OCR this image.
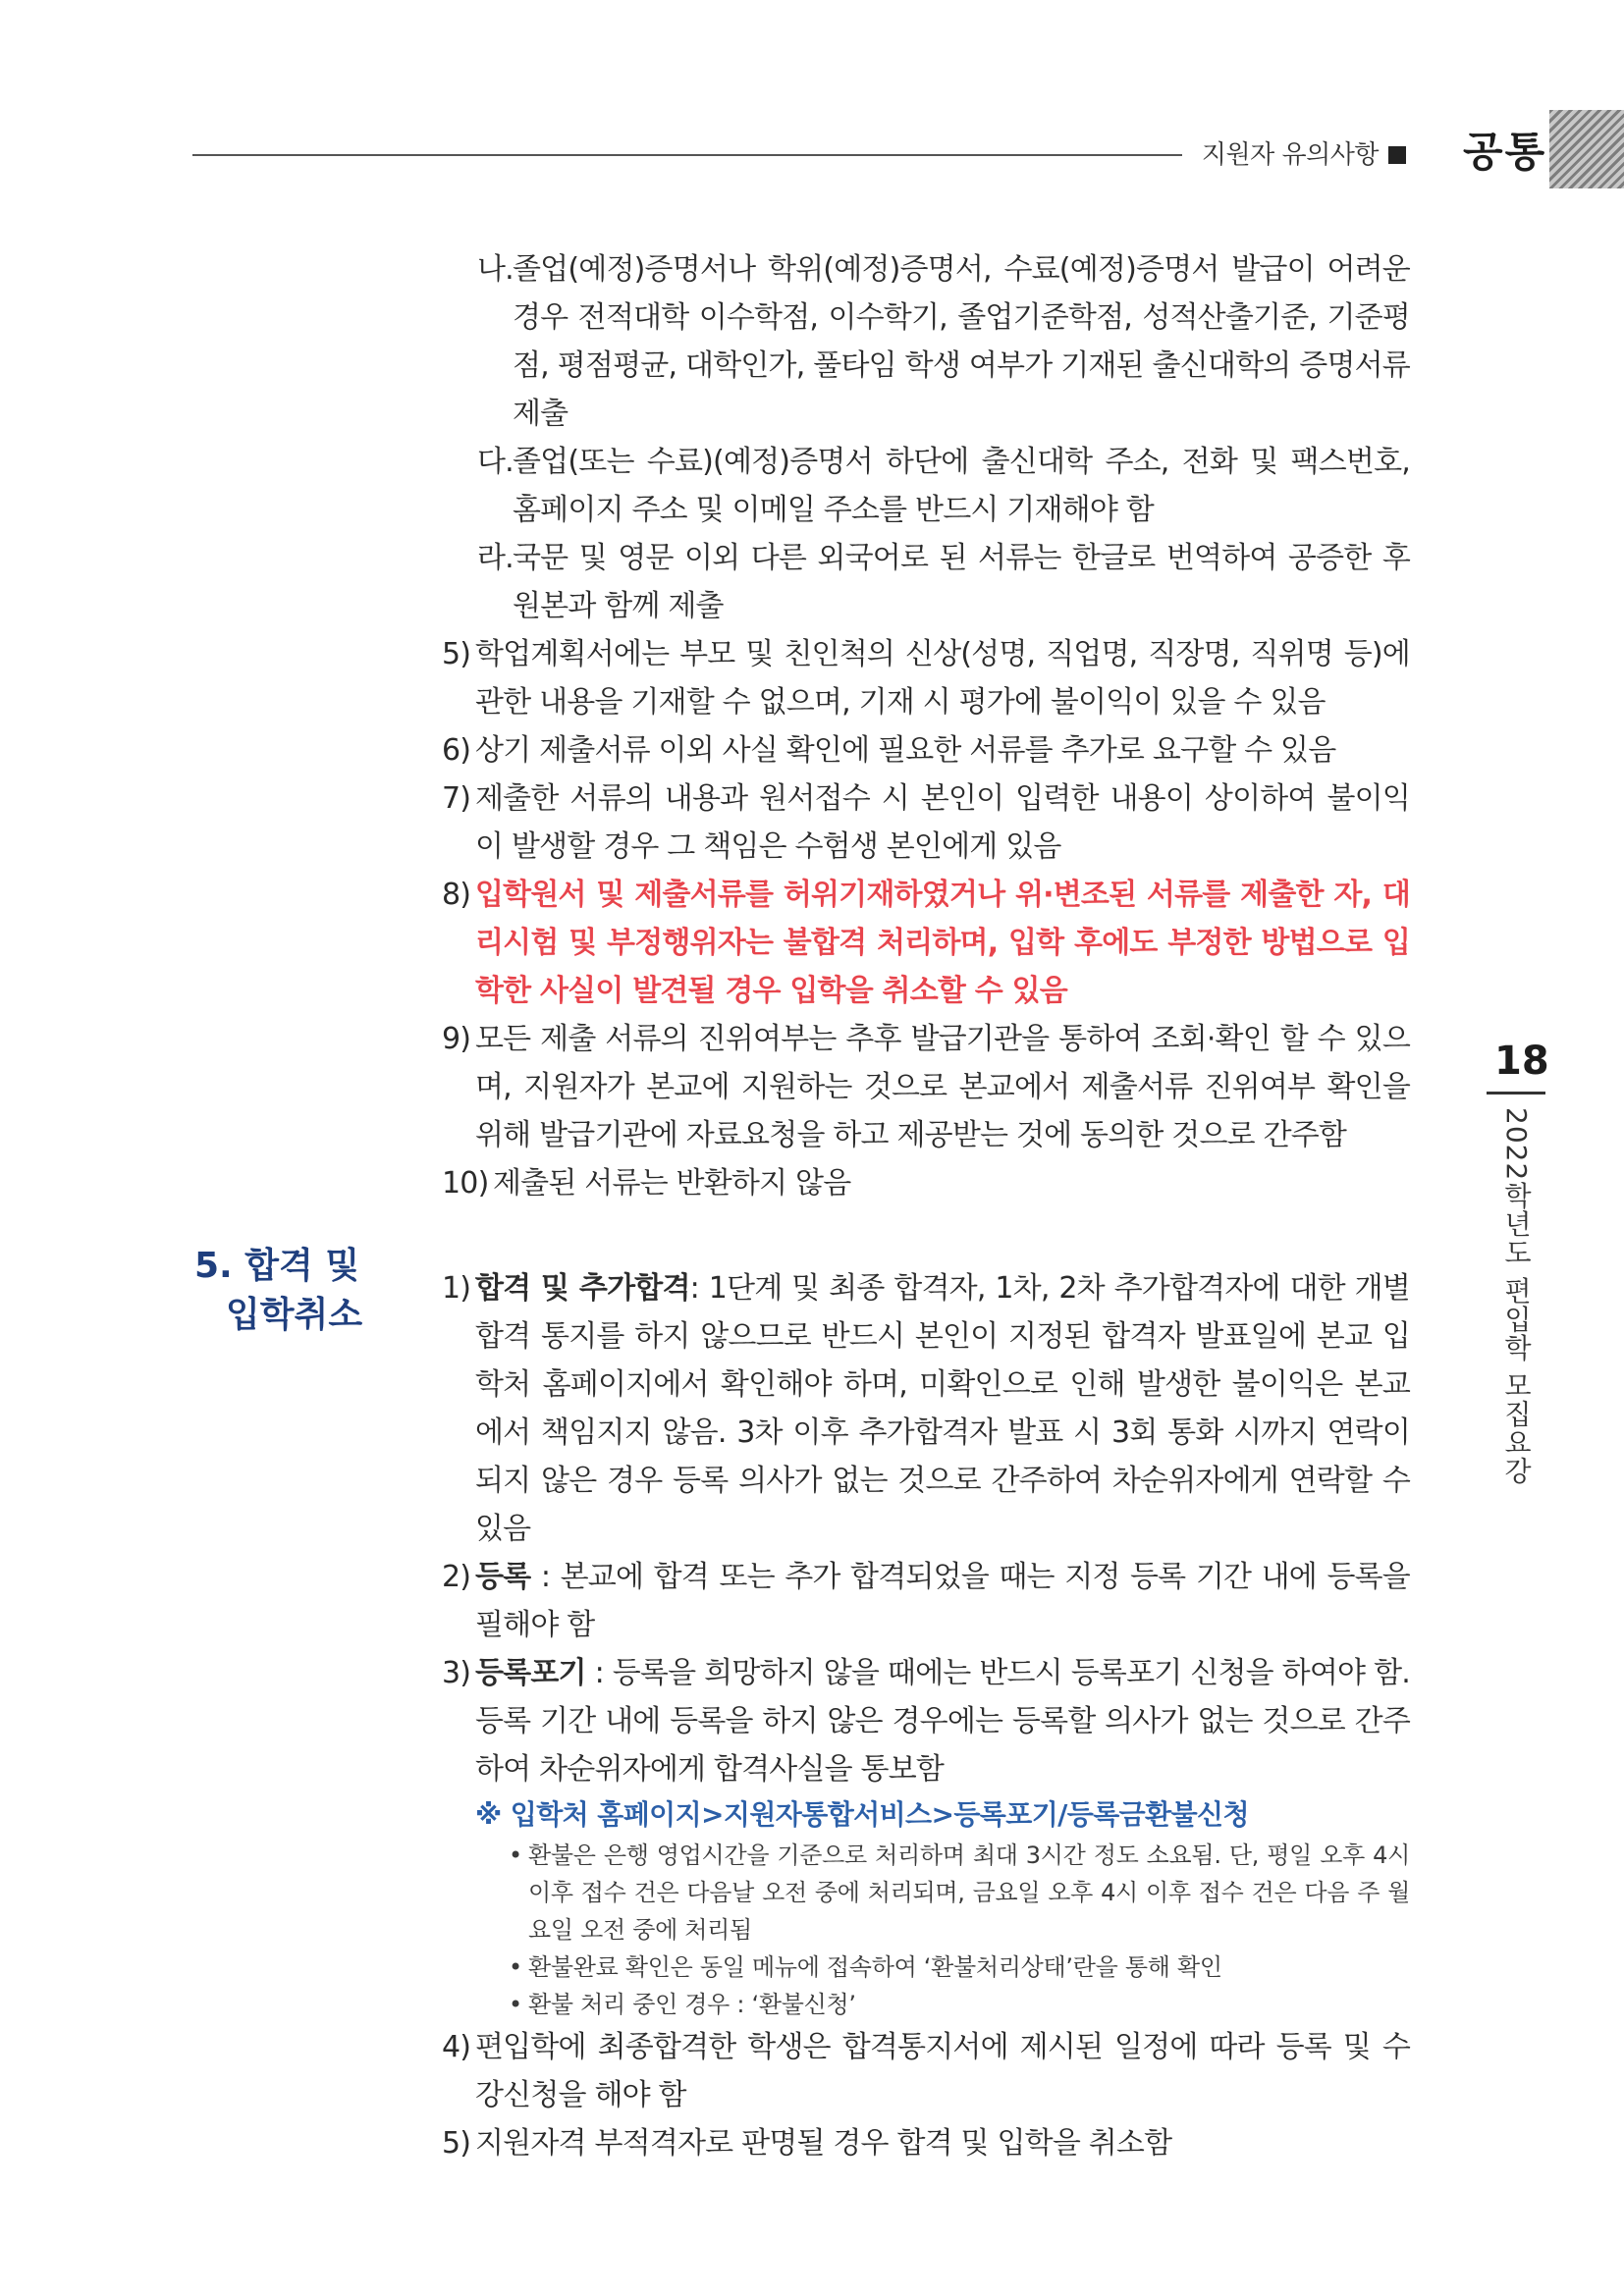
지원자 유의사항	공통
18
2022학년도 편입학 모집요강
5. 합격 및
입학취소
나. 졸업(예정)증명서나 학위(예정)증명서, 수료(예정)증명서 발급이 어려운 경우 전적대학 이수학점, 이수학기, 졸업기준학점, 성적산출기준, 기준평점, 평점평균, 대학인가, 풀타임 학생 여부가 기재된 출신대학의 증명서류 제출
다. 졸업(또는 수료)(예정)증명서 하단에 출신대학 주소, 전화 및 팩스번호, 홈페이지 주소 및 이메일 주소를 반드시 기재해야 함
라. 국문 및 영문 이외 다른 외국어로 된 서류는 한글로 번역하여 공증한 후 원본과 함께 제출
5) 학업계획서에는 부모 및 친인척의 신상(성명, 직업명, 직장명, 직위명 등)에 관한 내용을 기재할 수 없으며, 기재 시 평가에 불이익이 있을 수 있음
6) 상기 제출서류 이외 사실 확인에 필요한 서류를 추가로 요구할 수 있음
7) 제출한 서류의 내용과 원서접수 시 본인이 입력한 내용이 상이하여 불이익이 발생할 경우 그 책임은 수험생 본인에게 있음
8) 입학원서 및 제출서류를 허위기재하였거나 위·변조된 서류를 제출한 자, 대리시험 및 부정행위자는 불합격 처리하며, 입학 후에도 부정한 방법으로 입학한 사실이 발견될 경우 입학을 취소할 수 있음
9) 모든 제출 서류의 진위여부는 추후 발급기관을 통하여 조회·확인 할 수 있으며, 지원자가 본교에 지원하는 것으로 본교에서 제출서류 진위여부 확인을 위해 발급기관에 자료요청을 하고 제공받는 것에 동의한 것으로 간주함
10) 제출된 서류는 반환하지 않음
1) 합격 및 추가합격: 1단계 및 최종 합격자, 1차, 2차 추가합격자에 대한 개별 합격 통지를 하지 않으므로 반드시 본인이 지정된 합격자 발표일에 본교 입학처 홈페이지에서 확인해야 하며, 미확인으로 인해 발생한 불이익은 본교에서 책임지지 않음. 3차 이후 추가합격자 발표 시 3회 통화 시까지 연락이 되지 않은 경우 등록 의사가 없는 것으로 간주하여 차순위자에게 연락할 수 있음
2) 등록 : 본교에 합격 또는 추가 합격되었을 때는 지정 등록 기간 내에 등록을 필해야 함
3) 등록포기 : 등록을 희망하지 않을 때에는 반드시 등록포기 신청을 하여야 함. 등록 기간 내에 등록을 하지 않은 경우에는 등록할 의사가 없는 것으로 간주하여 차순위자에게 합격사실을 통보함
※ 입학처 홈페이지>지원자통합서비스>등록포기/등록금환불신청
• 환불은 은행 영업시간을 기준으로 처리하며 최대 3시간 정도 소요됨. 단, 평일 오후 4시 이후 접수 건은 다음날 오전 중에 처리되며, 금요일 오후 4시 이후 접수 건은 다음 주 월요일 오전 중에 처리됨
• 환불완료 확인은 동일 메뉴에 접속하여 ‘환불처리상태’란을 통해 확인
• 환불 처리 중인 경우 : ‘환불신청’
4) 편입학에 최종합격한 학생은 합격통지서에 제시된 일정에 따라 등록 및 수강신청을 해야 함
5) 지원자격 부적격자로 판명될 경우 합격 및 입학을 취소함
